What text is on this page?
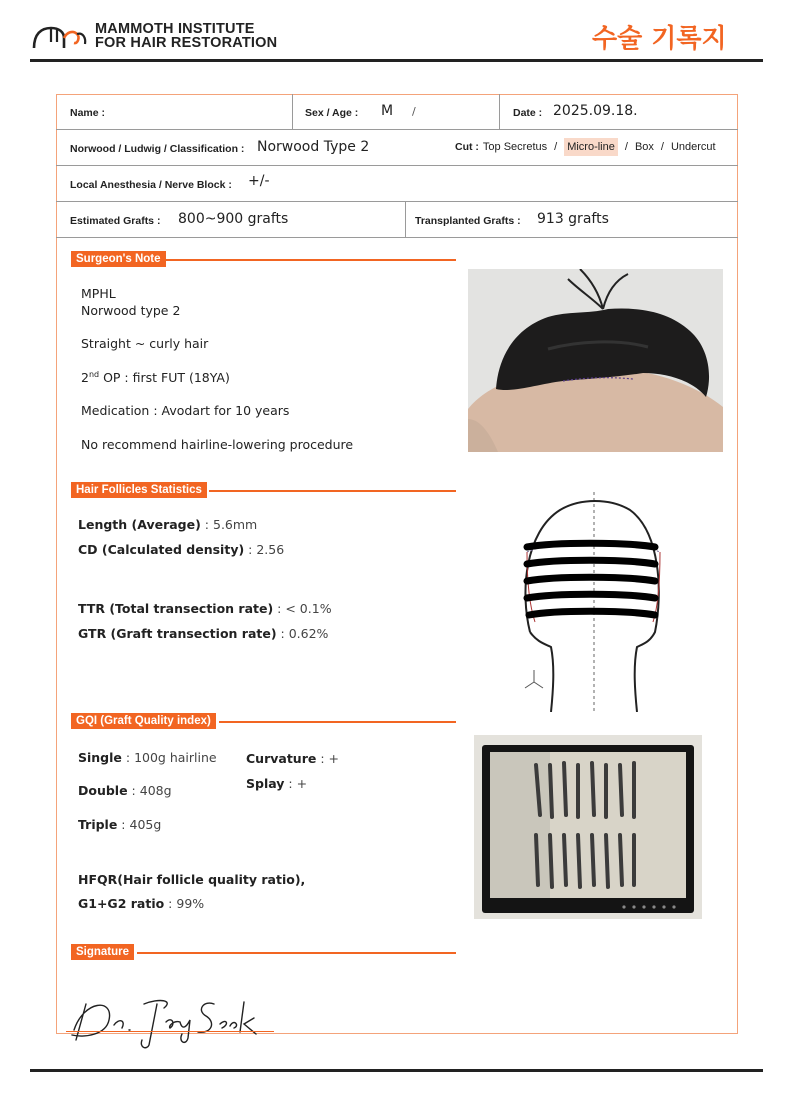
MAMMOTH INSTITUTE
FOR HAIR RESTORATION	수술 기록지
Name :	Sex / Age : M /	Date : 2025.09.18.
Norwood / Ludwig / Classification : Norwood Type 2	Cut : Top Secretus / Micro-line / Box / Undercut
Local Anesthesia / Nerve Block : +/-
Estimated Grafts : 800~900 grafts	Transplanted Grafts : 913 grafts
Surgeon's Note
MPHL
Norwood type 2
Straight ~ curly hair
2nd OP : first FUT (18YA)
Medication : Avodart for 10 years
No recommend hairline-lowering procedure
Hair Follicles Statistics
Length (Average) : 5.6mm
CD (Calculated density) : 2.56
TTR (Total transection rate) : < 0.1%
GTR (Graft transection rate) : 0.62%
GQI (Graft Quality index)
Single : 100g hairline
Double : 408g
Triple : 405g
Curvature : +
Splay : +
HFQR(Hair follicle quality ratio),
G1+G2 ratio : 99%
Signature
